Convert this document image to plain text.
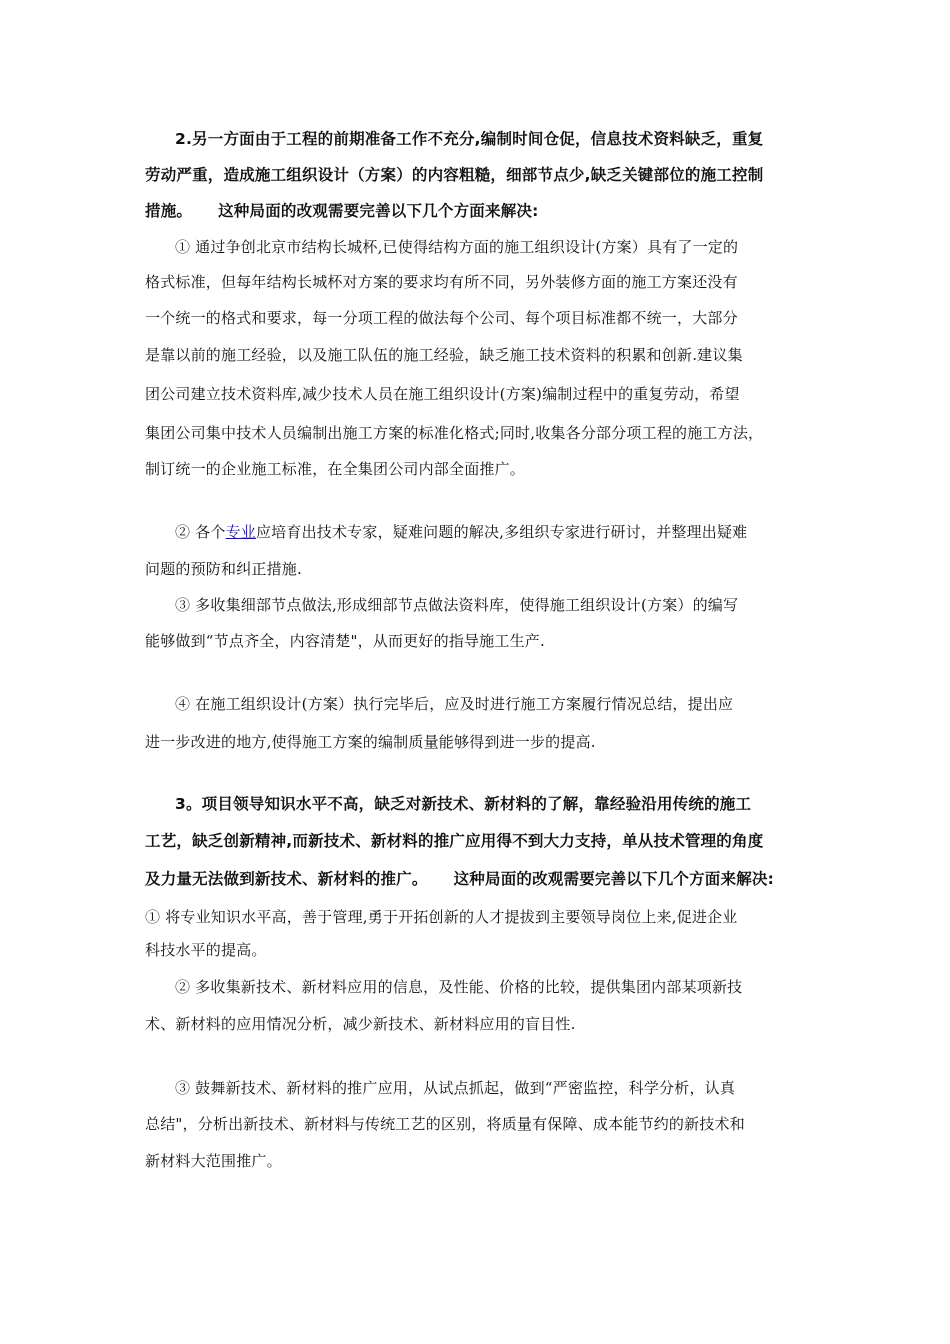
2.另一方面由于工程的前期准备工作不充分,编制时间仓促，信息技术资料缺乏，重复
劳动严重，造成施工组织设计（方案）的内容粗糙，细部节点少,缺乏关键部位的施工控制
措施。 这种局面的改观需要完善以下几个方面来解决:
① 通过争创北京市结构长城杯,已使得结构方面的施工组织设计(方案）具有了一定的
格式标准，但每年结构长城杯对方案的要求均有所不同，另外装修方面的施工方案还没有
一个统一的格式和要求，每一分项工程的做法每个公司、每个项目标准都不统一，大部分
是靠以前的施工经验，以及施工队伍的施工经验，缺乏施工技术资料的积累和创新.建议集
团公司建立技术资料库,减少技术人员在施工组织设计(方案)编制过程中的重复劳动，希望
集团公司集中技术人员编制出施工方案的标准化格式;同时,收集各分部分项工程的施工方法，
制订统一的企业施工标准，在全集团公司内部全面推广。
② 各个专业应培育出技术专家，疑难问题的解决,多组织专家进行研讨，并整理出疑难
问题的预防和纠正措施.
③ 多收集细部节点做法,形成细部节点做法资料库，使得施工组织设计(方案）的编写
能够做到“节点齐全，内容清楚"，从而更好的指导施工生产.
④ 在施工组织设计(方案）执行完毕后，应及时进行施工方案履行情况总结，提出应
进一步改进的地方,使得施工方案的编制质量能够得到进一步的提高.
3。项目领导知识水平不高，缺乏对新技术、新材料的了解，靠经验沿用传统的施工
工艺，缺乏创新精神,而新技术、新材料的推广应用得不到大力支持，单从技术管理的角度
及力量无法做到新技术、新材料的推广。 这种局面的改观需要完善以下几个方面来解决:
① 将专业知识水平高，善于管理,勇于开拓创新的人才提拔到主要领导岗位上来,促进企业
科技水平的提高。
② 多收集新技术、新材料应用的信息，及性能、价格的比较，提供集团内部某项新技
术、新材料的应用情况分析，减少新技术、新材料应用的盲目性.
③ 鼓舞新技术、新材料的推广应用，从试点抓起，做到“严密监控，科学分析，认真
总结"，分析出新技术、新材料与传统工艺的区别，将质量有保障、成本能节约的新技术和
新材料大范围推广。
